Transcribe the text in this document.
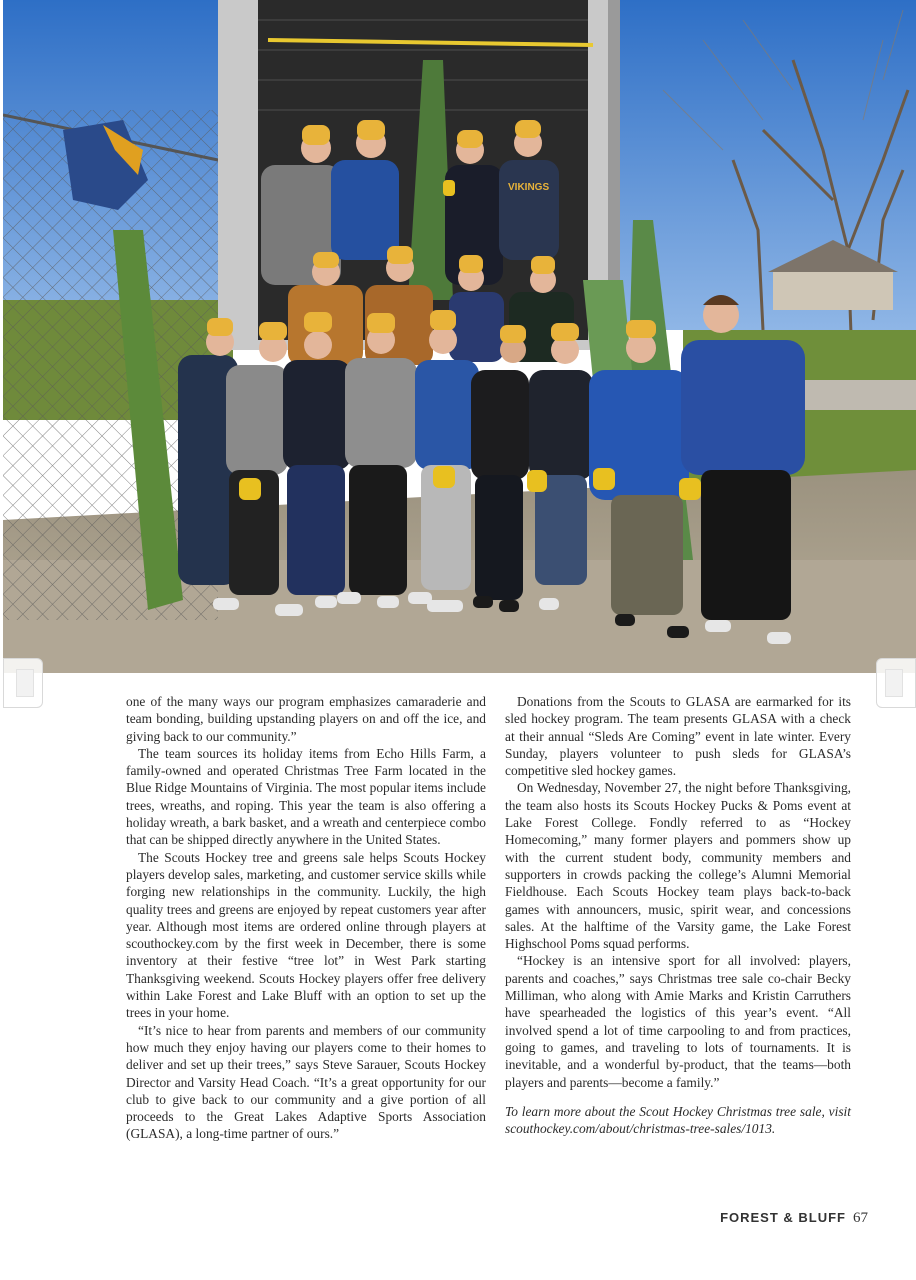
VIKINGS

one of the many ways our program emphasizes camaraderie and team bonding, building upstanding players on and off the ice, and giving back to our community.”

The team sources its holiday items from Echo Hills Farm, a family-owned and operated Christmas Tree Farm located in the Blue Ridge Mountains of Virginia. The most popular items include trees, wreaths, and roping. This year the team is also offering a holiday wreath, a bark basket, and a wreath and centerpiece combo that can be shipped directly anywhere in the United States.

The Scouts Hockey tree and greens sale helps Scouts Hockey players develop sales, marketing, and customer service skills while forging new relationships in the community. Luckily, the high quality trees and greens are enjoyed by repeat customers year after year. Although most items are ordered online through players at scouthockey.com by the first week in December, there is some inventory at their festive “tree lot” in West Park starting Thanksgiving weekend. Scouts Hockey players offer free delivery within Lake Forest and Lake Bluff with an option to set up the trees in your home.

“It’s nice to hear from parents and members of our community how much they enjoy having our players come to their homes to deliver and set up their trees,” says Steve Sarauer, Scouts Hockey Director and Varsity Head Coach. “It’s a great opportunity for our club to give back to our community and a give portion of all proceeds to the Great Lakes Adaptive Sports Association (GLASA), a long-time partner of ours.”

Donations from the Scouts to GLASA are earmarked for its sled hockey program. The team presents GLASA with a check at their annual “Sleds Are Coming” event in late winter. Every Sunday, players volunteer to push sleds for GLASA’s competitive sled hockey games.

On Wednesday, November 27, the night before Thanksgiving, the team also hosts its Scouts Hockey Pucks & Poms event at Lake Forest College. Fondly referred to as “Hockey Homecoming,” many former players and pommers show up with the current student body, community members and supporters in crowds packing the college’s Alumni Memorial Fieldhouse. Each Scouts Hockey team plays back-to-back games with announcers, music, spirit wear, and concessions sales. At the halftime of the Varsity game, the Lake Forest Highschool Poms squad performs.

“Hockey is an intensive sport for all involved: players, parents and coaches,” says Christmas tree sale co-chair Becky Milliman, who along with Amie Marks and Kristin Carruthers have spearheaded the logistics of this year’s event. “All involved spend a lot of time carpooling to and from practices, going to games, and traveling to lots of tournaments. It is inevitable, and a wonderful by-product, that the teams—both players and parents—become a family.”

To learn more about the Scout Hockey Christmas tree sale, visit scouthockey.com/about/christmas-tree-sales/1013.

FOREST & BLUFF 67
